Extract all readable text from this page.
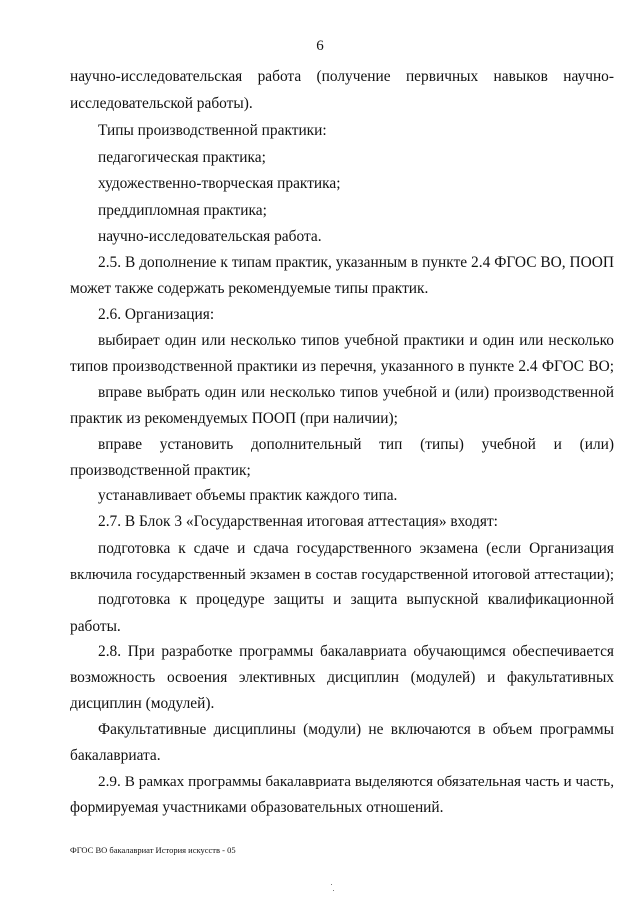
6
научно-исследовательская работа (получение первичных навыков научно-
исследовательской работы).
Типы производственной практики:
педагогическая практика;
художественно-творческая практика;
преддипломная практика;
научно-исследовательская работа.
2.5. В дополнение к типам практик, указанным в пункте 2.4 ФГОС ВО, ПООП
может также содержать рекомендуемые типы практик.
2.6. Организация:
выбирает один или несколько типов учебной практики и один или несколько
типов производственной практики из перечня, указанного в пункте 2.4 ФГОС ВО;
вправе выбрать один или несколько типов учебной и (или) производственной
практик из рекомендуемых ПООП (при наличии);
вправе установить дополнительный тип (типы) учебной и (или)
производственной практик;
устанавливает объемы практик каждого типа.
2.7. В Блок 3 «Государственная итоговая аттестация» входят:
подготовка к сдаче и сдача государственного экзамена (если Организация
включила государственный экзамен в состав государственной итоговой аттестации);
подготовка к процедуре защиты и защита выпускной квалификационной
работы.
2.8. При разработке программы бакалавриата обучающимся обеспечивается
возможность освоения элективных дисциплин (модулей) и факультативных
дисциплин (модулей).
Факультативные дисциплины (модули) не включаются в объем программы
бакалавриата.
2.9. В рамках программы бакалавриата выделяются обязательная часть и часть,
формируемая участниками образовательных отношений.
ФГОС ВО бакалавриат История искусств - 05
